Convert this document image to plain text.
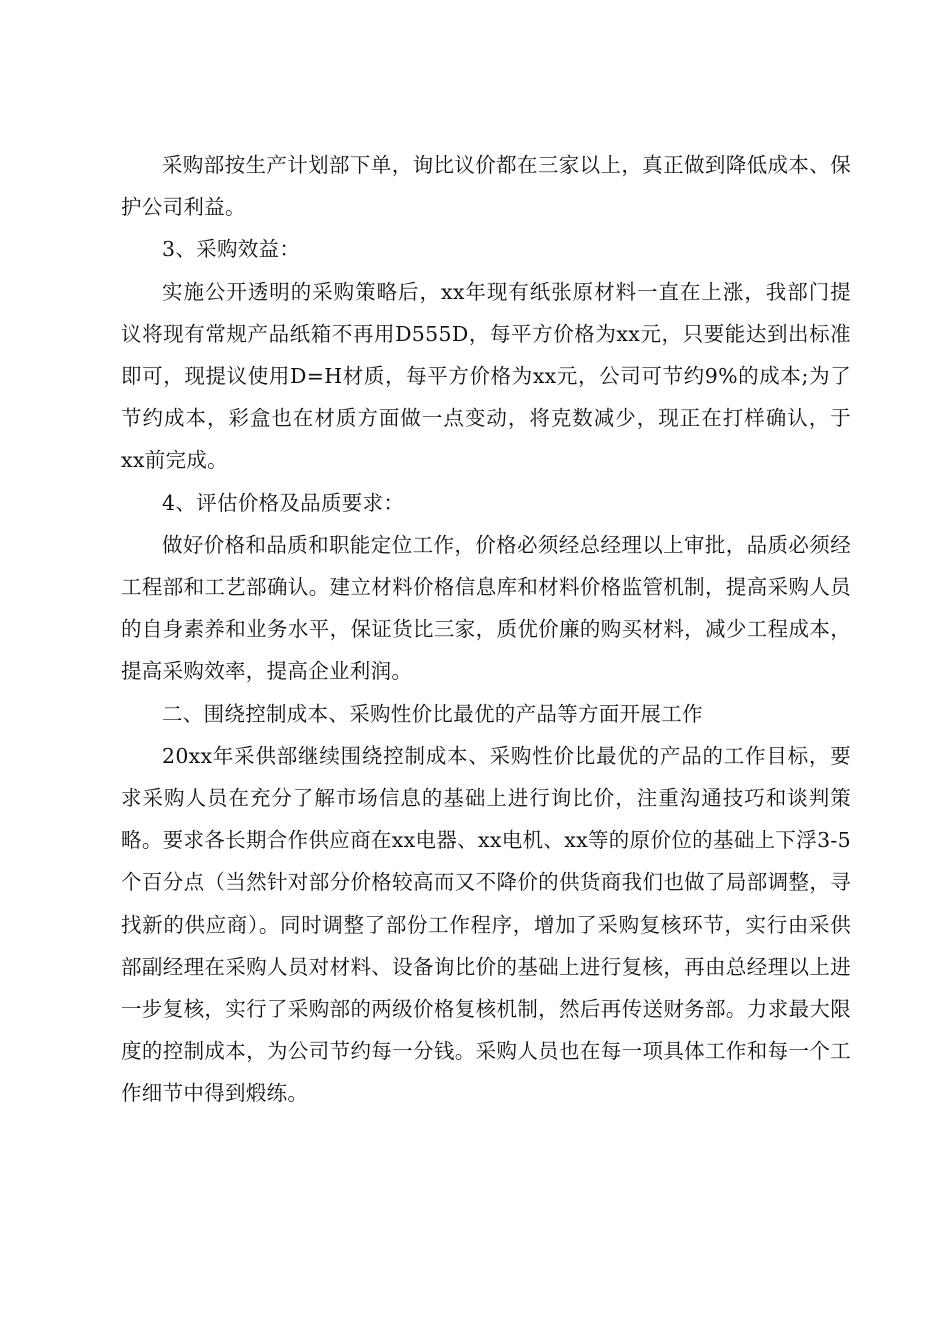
采购部按生产计划部下单，询比议价都在三家以上，真正做到降低成本、保护公司利益。

3、采购效益：

实施公开透明的采购策略后，xx年现有纸张原材料一直在上涨，我部门提议将现有常规产品纸箱不再用D555D，每平方价格为xx元，只要能达到出标准即可，现提议使用D=H材质，每平方价格为xx元，公司可节约9%的成本;为了节约成本，彩盒也在材质方面做一点变动，将克数减少，现正在打样确认，于xx前完成。

4、评估价格及品质要求：

做好价格和品质和职能定位工作，价格必须经总经理以上审批，品质必须经工程部和工艺部确认。建立材料价格信息库和材料价格监管机制，提高采购人员的自身素养和业务水平，保证货比三家，质优价廉的购买材料，减少工程成本，提高采购效率，提高企业利润。

二、围绕控制成本、采购性价比最优的产品等方面开展工作

20xx年采供部继续围绕控制成本、采购性价比最优的产品的工作目标，要求采购人员在充分了解市场信息的基础上进行询比价，注重沟通技巧和谈判策略。要求各长期合作供应商在xx电器、xx电机、xx等的原价位的基础上下浮3-5个百分点（当然针对部分价格较高而又不降价的供货商我们也做了局部调整，寻找新的供应商）。同时调整了部份工作程序，增加了采购复核环节，实行由采供部副经理在采购人员对材料、设备询比价的基础上进行复核，再由总经理以上进一步复核，实行了采购部的两级价格复核机制，然后再传送财务部。力求最大限度的控制成本，为公司节约每一分钱。采购人员也在每一项具体工作和每一个工作细节中得到煅练。
